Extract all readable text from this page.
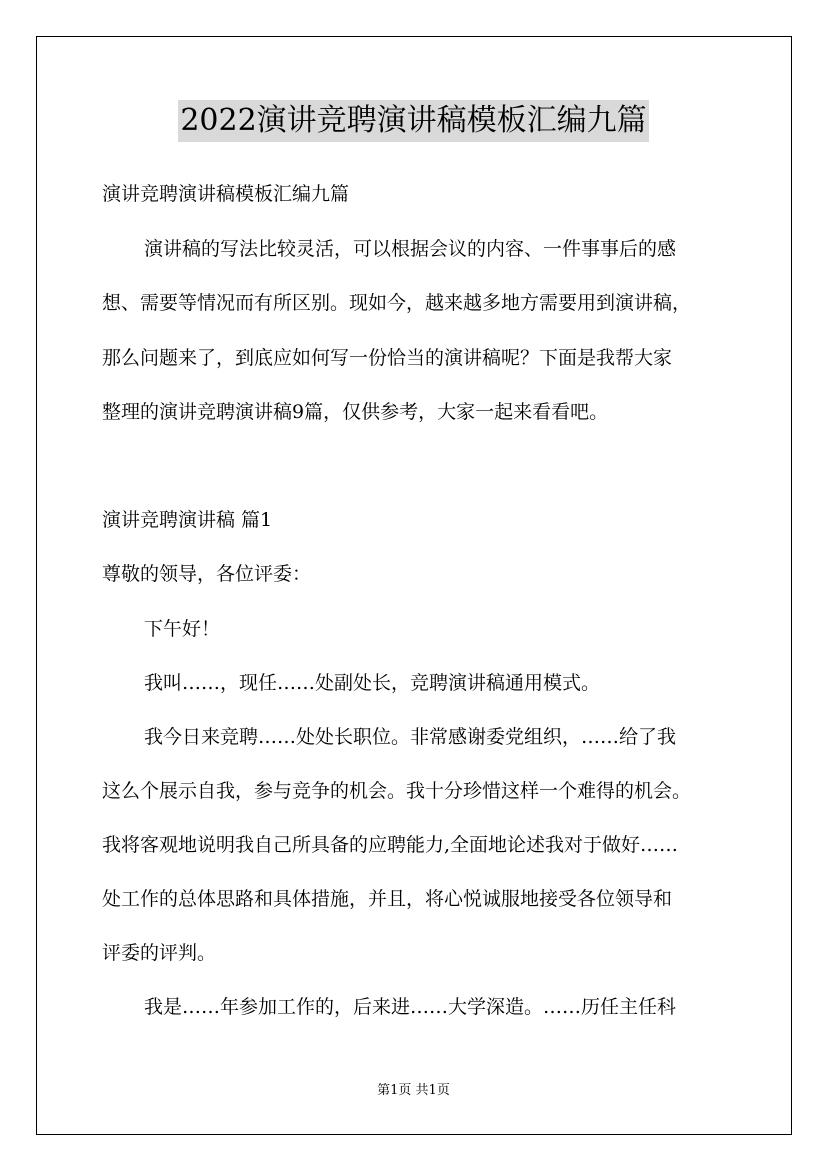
2022演讲竞聘演讲稿模板汇编九篇
演讲竞聘演讲稿模板汇编九篇
演讲稿的写法比较灵活，可以根据会议的内容、一件事事后的感
想、需要等情况而有所区别。现如今，越来越多地方需要用到演讲稿，
那么问题来了，到底应如何写一份恰当的演讲稿呢？下面是我帮大家
整理的演讲竞聘演讲稿9篇，仅供参考，大家一起来看看吧。
演讲竞聘演讲稿 篇1
尊敬的领导，各位评委：
下午好！
我叫……，现任……处副处长，竞聘演讲稿通用模式。
我今日来竞聘……处处长职位。非常感谢委党组织，……给了我
这么个展示自我，参与竞争的机会。我十分珍惜这样一个难得的机会。
我将客观地说明我自己所具备的应聘能力,全面地论述我对于做好……
处工作的总体思路和具体措施，并且，将心悦诚服地接受各位领导和
评委的评判。
我是……年参加工作的，后来进……大学深造。……历任主任科
第1页 共1页
